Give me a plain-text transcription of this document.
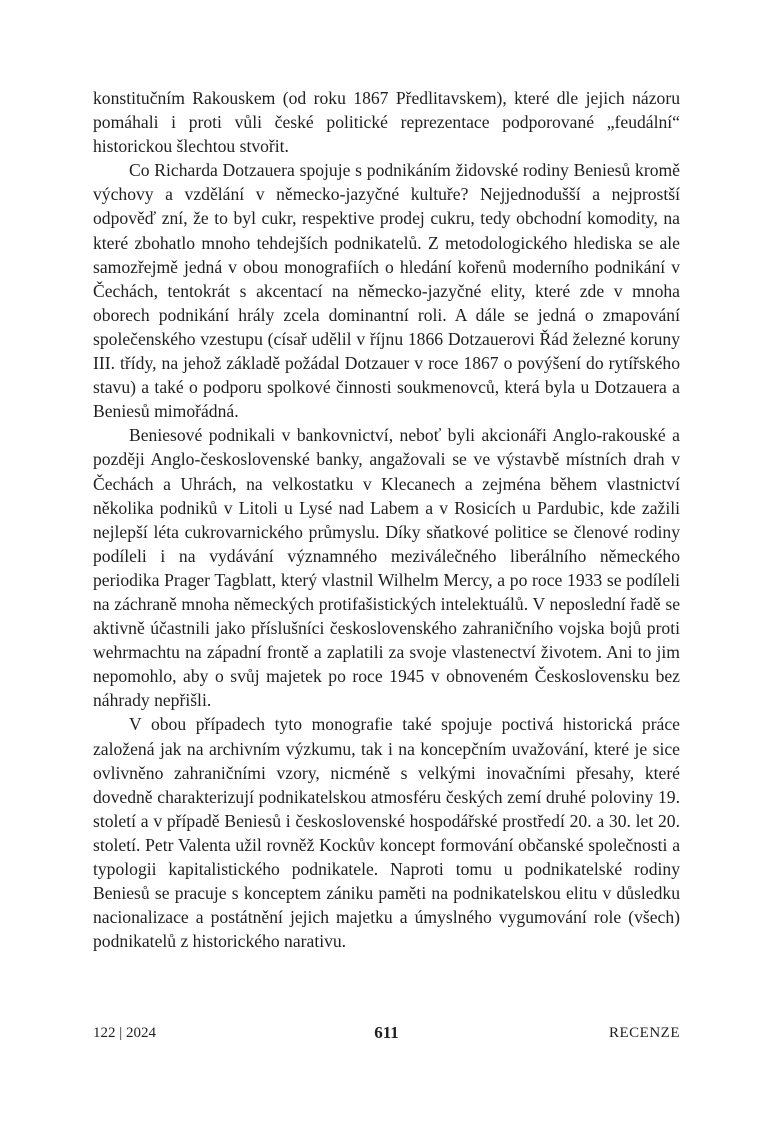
konstitučním Rakouskem (od roku 1867 Předlitavskem), které dle jejich názoru pomáhali i proti vůli české politické reprezentace podporované „feudální“ historickou šlechtou stvořit.

Co Richarda Dotzauera spojuje s podnikáním židovské rodiny Beniesů kromě výchovy a vzdělání v německo-jazyčné kultuře? Nejjednodušší a nejprostší odpověď zní, že to byl cukr, respektive prodej cukru, tedy obchodní komodity, na které zbohatlo mnoho tehdejších podnikatelů. Z metodologického hlediska se ale samozřejmě jedná v obou monografiích o hledání kořenů moderního podnikání v Čechách, tentokrát s akcentací na německo-jazyčné elity, které zde v mnoha oborech podnikání hrály zcela dominantní roli. A dále se jedná o zmapování společenského vzestupu (císař udělil v říjnu 1866 Dotzauerovi Řád železné koruny III. třídy, na jehož základě požádal Dotzauer v roce 1867 o povýšení do rytířského stavu) a také o podporu spolkové činnosti soukmenovců, která byla u Dotzauera a Beniesů mimořádná.

Beniesové podnikali v bankovnictví, neboť byli akcionáři Anglo-rakouské a později Anglo-československé banky, angažovali se ve výstavbě místních drah v Čechách a Uhrách, na velkostatku v Klecanech a zejména během vlastnictví několika podniků v Litoli u Lysé nad Labem a v Rosicích u Pardubic, kde zažili nejlepší léta cukrovarnického průmyslu. Díky sňatkové politice se členové rodiny podíleli i na vydávání významného meziválečného liberálního německého periodika Prager Tagblatt, který vlastnil Wilhelm Mercy, a po roce 1933 se podíleli na záchraně mnoha německých protifašistických intelektuálů. V neposlední řadě se aktivně účastnili jako příslušníci československého zahraničního vojska bojů proti wehrmachtu na západní frontě a zaplatili za svoje vlastenectví životem. Ani to jim nepomohlo, aby o svůj majetek po roce 1945 v obnoveném Československu bez náhrady nepřišli.

V obou případech tyto monografie také spojuje poctivá historická práce založená jak na archivním výzkumu, tak i na koncepčním uvažování, které je sice ovlivněno zahraničními vzory, nicméně s velkými inovačními přesahy, které dovedně charakterizují podnikatelskou atmosféru českých zemí druhé poloviny 19. století a v případě Beniesů i československé hospodářské prostředí 20. a 30. let 20. století. Petr Valenta užil rovněž Kockův koncept formování občanské společnosti a typologii kapitalistického podnikatele. Naproti tomu u podnikatelské rodiny Beniesů se pracuje s konceptem zániku paměti na podnikatelskou elitu v důsledku nacionalizace a postátnění jejich majetku a úmyslného vygumování role (všech) podnikatelů z historického narativu.

122 | 2024	611	RECENZE
